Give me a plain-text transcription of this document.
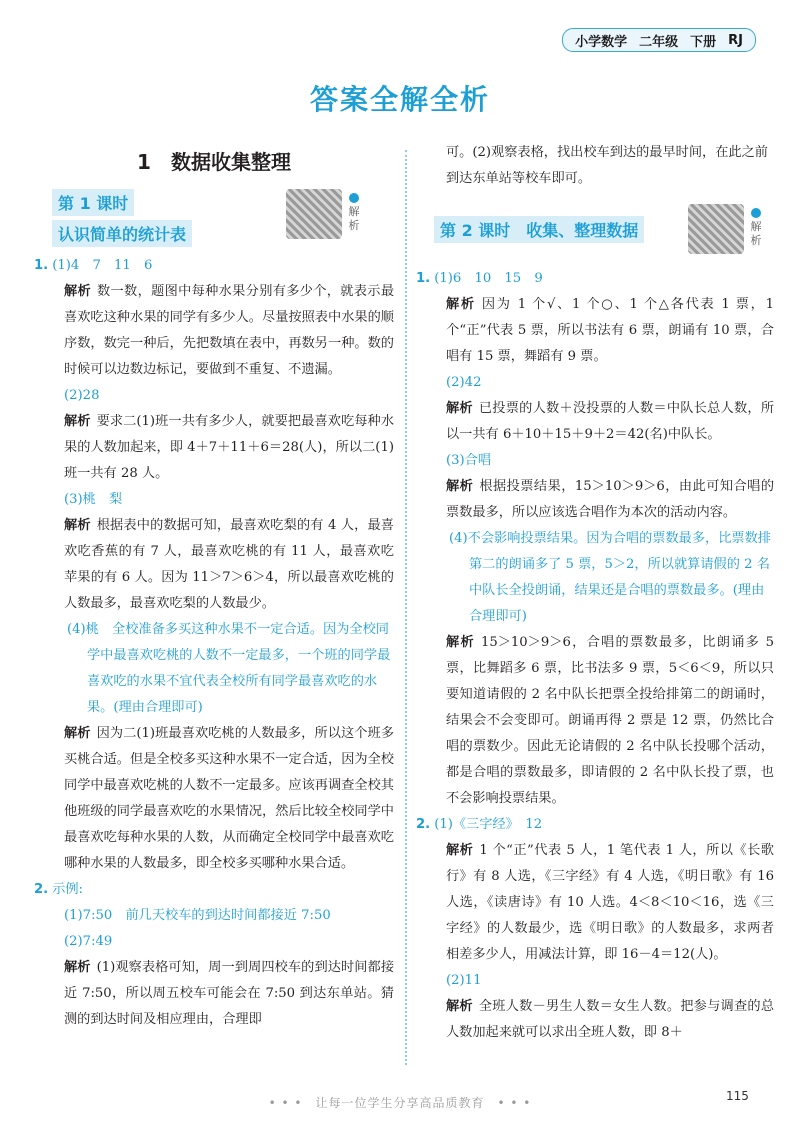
小学数学 二年级 下册 RJ
答案全解全析
1　数据收集整理
第 1 课时
认识简单的统计表
解
析

1. (1)4　7　11　6

解析 数一数，题图中每种水果分别有多少个，就表示最喜欢吃这种水果的同学有多少人。尽量按照表中水果的顺序数，数完一种后，先把数填在表中，再数另一种。数的时候可以边数边标记，要做到不重复、不遗漏。

(2)28

解析 要求二(1)班一共有多少人，就要把最喜欢吃每种水果的人数加起来，即 4＋7＋11＋6＝28(人)，所以二(1)班一共有 28 人。

(3)桃　梨

解析 根据表中的数据可知，最喜欢吃梨的有 4 人，最喜欢吃香蕉的有 7 人，最喜欢吃桃的有 11 人，最喜欢吃苹果的有 6 人。因为 11＞7＞6＞4，所以最喜欢吃桃的人数最多，最喜欢吃梨的人数最少。

(4)桃　全校准备多买这种水果不一定合适。因为全校同学中最喜欢吃桃的人数不一定最多，一个班的同学最喜欢吃的水果不宜代表全校所有同学最喜欢吃的水果。(理由合理即可)

解析 因为二(1)班最喜欢吃桃的人数最多，所以这个班多买桃合适。但是全校多买这种水果不一定合适，因为全校同学中最喜欢吃桃的人数不一定最多。应该再调查全校其他班级的同学最喜欢吃的水果情况，然后比较全校同学中最喜欢吃每种水果的人数，从而确定全校同学中最喜欢吃哪种水果的人数最多，即全校多买哪种水果合适。

2. 示例:

(1)7:50　前几天校车的到达时间都接近 7:50

(2)7:49

解析 (1)观察表格可知，周一到周四校车的到达时间都接近 7:50，所以周五校车可能会在 7:50 到达东单站。猜测的到达时间及相应理由，合理即

可。(2)观察表格，找出校车到达的最早时间，在此之前到达东单站等校车即可。

第 2 课时　收集、整理数据	解
析

1. (1)6　10　15　9

解析 因为 1 个√、1 个○、1 个△各代表 1 票，1 个“正”代表 5 票，所以书法有 6 票，朗诵有 10 票，合唱有 15 票，舞蹈有 9 票。

(2)42

解析 已投票的人数＋没投票的人数＝中队长总人数，所以一共有 6＋10＋15＋9＋2＝42(名)中队长。

(3)合唱

解析 根据投票结果，15＞10＞9＞6，由此可知合唱的票数最多，所以应该选合唱作为本次的活动内容。

(4)不会影响投票结果。因为合唱的票数最多，比票数排第二的朗诵多了 5 票，5＞2，所以就算请假的 2 名中队长全投朗诵，结果还是合唱的票数最多。(理由合理即可)

解析 15＞10＞9＞6，合唱的票数最多，比朗诵多 5 票，比舞蹈多 6 票，比书法多 9 票，5＜6＜9，所以只要知道请假的 2 名中队长把票全投给排第二的朗诵时，结果会不会变即可。朗诵再得 2 票是 12 票，仍然比合唱的票数少。因此无论请假的 2 名中队长投哪个活动，都是合唱的票数最多，即请假的 2 名中队长投了票，也不会影响投票结果。

2. (1)《三字经》　12

解析 1 个“正”代表 5 人，1 笔代表 1 人，所以《长歌行》有 8 人选，《三字经》有 4 人选，《明日歌》有 16 人选，《读唐诗》有 10 人选。4＜8＜10＜16，选《三字经》的人数最少，选《明日歌》的人数最多，求两者相差多少人，用减法计算，即 16－4＝12(人)。

(2)11

解析 全班人数－男生人数＝女生人数。把参与调查的总人数加起来就可以求出全班人数，即 8＋

• • •　让每一位学生分享高品质教育　• • •	115
